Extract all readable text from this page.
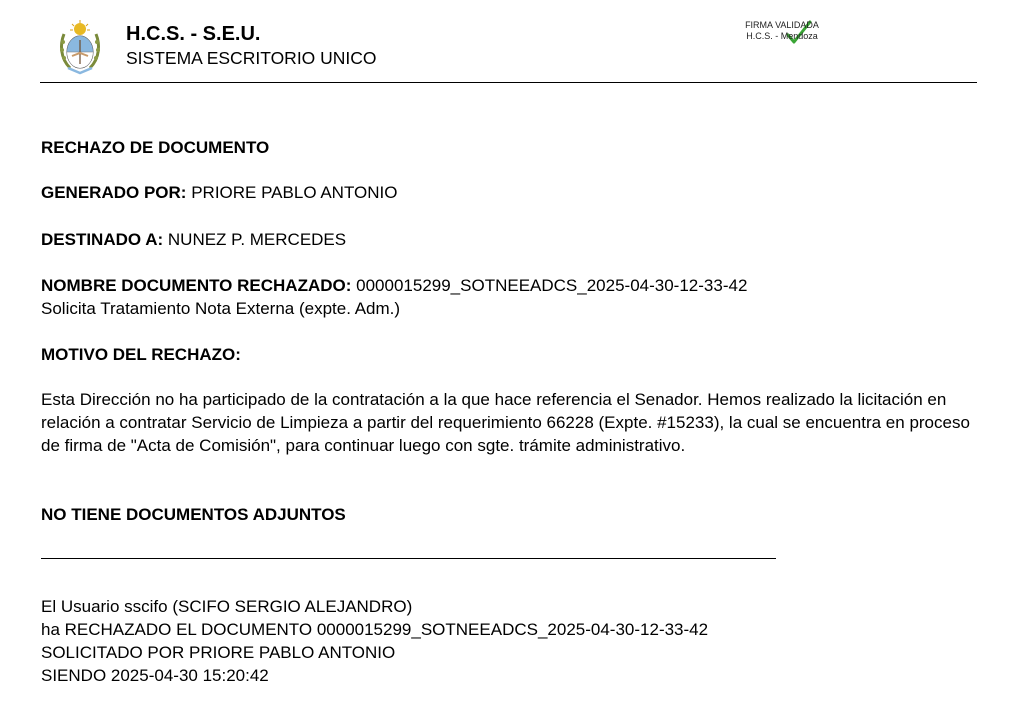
H.C.S. - S.E.U.
SISTEMA ESCRITORIO UNICO
FIRMA VALIDADA
H.C.S. - Mendoza

RECHAZO DE DOCUMENTO

GENERADO POR: PRIORE PABLO ANTONIO

DESTINADO A: NUNEZ P. MERCEDES

NOMBRE DOCUMENTO RECHAZADO: 0000015299_SOTNEEADCS_2025-04-30-12-33-42

Solicita Tratamiento Nota Externa (expte. Adm.)

MOTIVO DEL RECHAZO:

Esta Dirección no ha participado de la contratación a la que hace referencia el Senador. Hemos realizado la licitación en relación a contratar Servicio de Limpieza a partir del requerimiento 66228 (Expte. #15233), la cual se encuentra en proceso de firma de "Acta de Comisión", para continuar luego con sgte. trámite administrativo.

NO TIENE DOCUMENTOS ADJUNTOS

El Usuario sscifo (SCIFO SERGIO ALEJANDRO)
ha RECHAZADO EL DOCUMENTO 0000015299_SOTNEEADCS_2025-04-30-12-33-42
SOLICITADO POR PRIORE PABLO ANTONIO
SIENDO 2025-04-30 15:20:42
